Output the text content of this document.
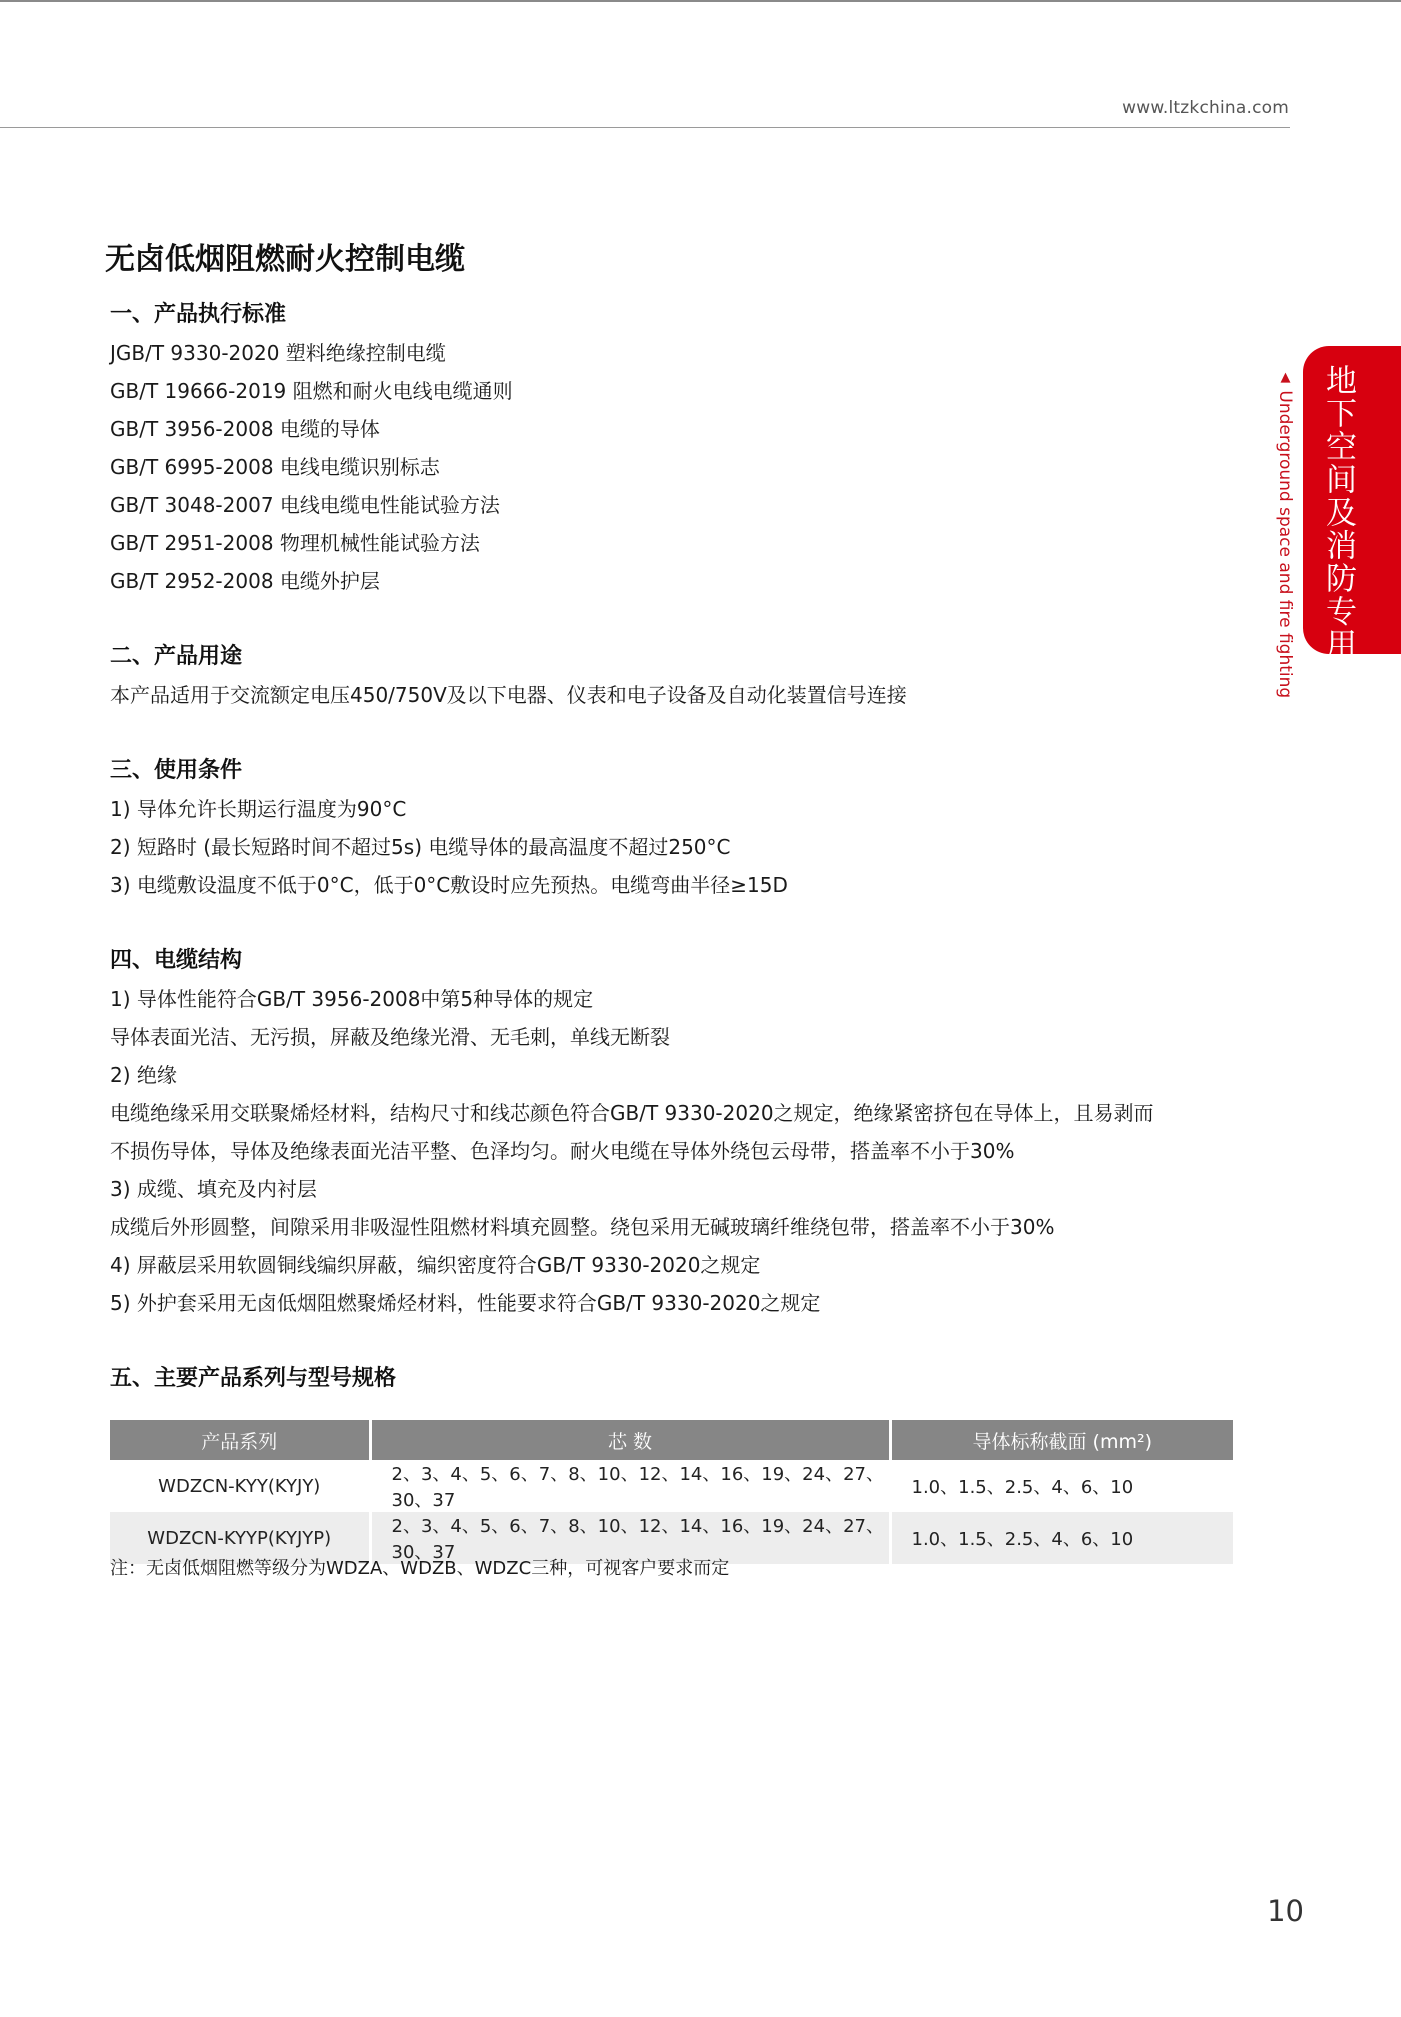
www.ltzkchina.com
无卤低烟阻燃耐火控制电缆
一、产品执行标准
JGB/T 9330-2020 塑料绝缘控制电缆
GB/T 19666-2019 阻燃和耐火电线电缆通则
GB/T 3956-2008 电缆的导体
GB/T 6995-2008 电线电缆识别标志
GB/T 3048-2007 电线电缆电性能试验方法
GB/T 2951-2008 物理机械性能试验方法
GB/T 2952-2008 电缆外护层
二、产品用途
本产品适用于交流额定电压450/750V及以下电器、仪表和电子设备及自动化装置信号连接
三、使用条件
1) 导体允许长期运行温度为90°C
2) 短路时 (最长短路时间不超过5s) 电缆导体的最高温度不超过250°C
3) 电缆敷设温度不低于0°C，低于0°C敷设时应先预热。电缆弯曲半径≥15D
四、电缆结构
1) 导体性能符合GB/T 3956-2008中第5种导体的规定
导体表面光洁、无污损，屏蔽及绝缘光滑、无毛刺，单线无断裂
2) 绝缘
电缆绝缘采用交联聚烯烃材料，结构尺寸和线芯颜色符合GB/T 9330-2020之规定，绝缘紧密挤包在导体上，且易剥而
不损伤导体，导体及绝缘表面光洁平整、色泽均匀。耐火电缆在导体外绕包云母带，搭盖率不小于30%
3) 成缆、填充及内衬层
成缆后外形圆整，间隙采用非吸湿性阻燃材料填充圆整。绕包采用无碱玻璃纤维绕包带，搭盖率不小于30%
4) 屏蔽层采用软圆铜线编织屏蔽，编织密度符合GB/T 9330-2020之规定
5) 外护套采用无卤低烟阻燃聚烯烃材料，性能要求符合GB/T 9330-2020之规定
五、主要产品系列与型号规格
产品系列	芯 数	导体标称截面 (mm²)
WDZCN-KYY(KYJY)	2、3、4、5、6、7、8、10、12、14、16、19、24、27、30、37	1.0、1.5、2.5、4、6、10
WDZCN-KYYP(KYJYP)	2、3、4、5、6、7、8、10、12、14、16、19、24、27、30、37	1.0、1.5、2.5、4、6、10
注：无卤低烟阻燃等级分为WDZA、WDZB、WDZC三种，可视客户要求而定
地下空间及消防专用
▲ Underground space and fire fighting
10
